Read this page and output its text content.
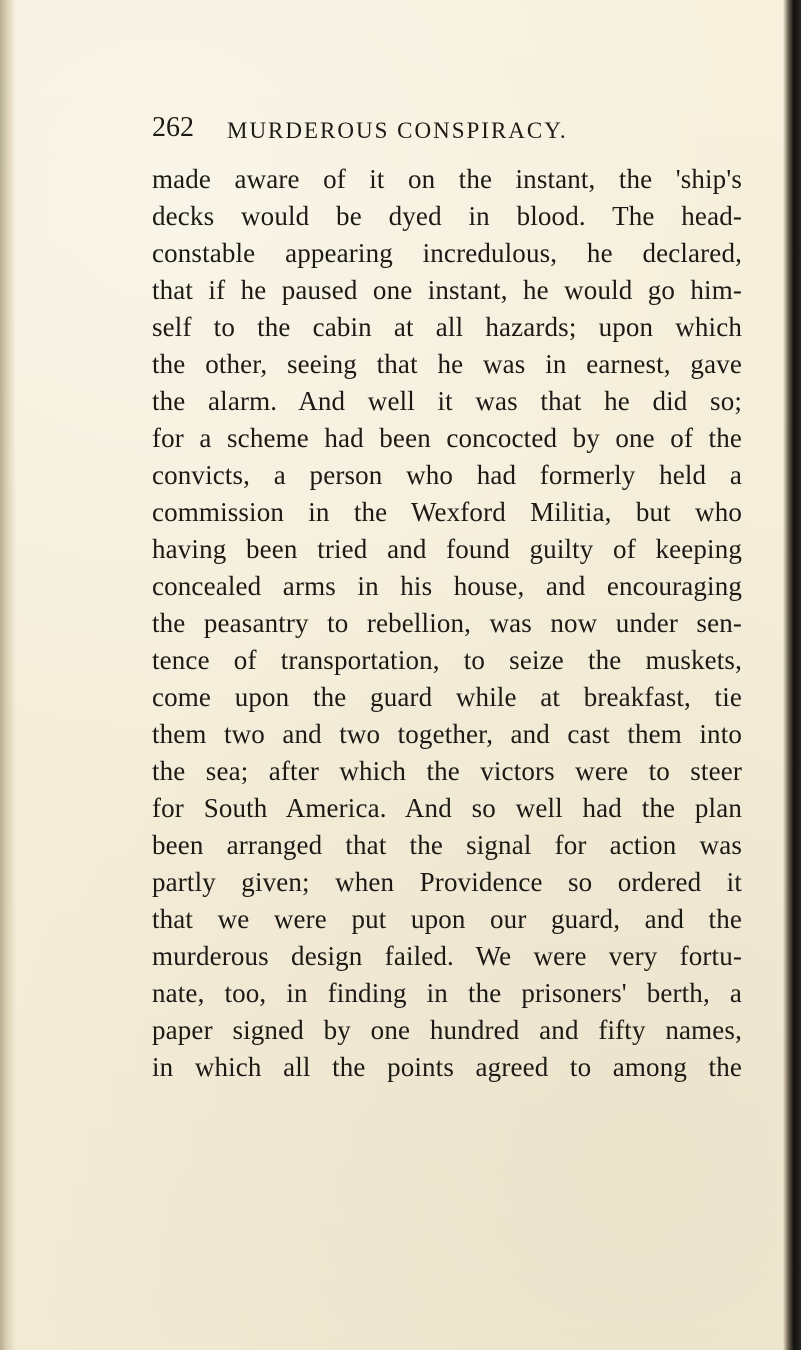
262 MURDEROUS CONSPIRACY.
made aware of it on the instant, the 'ship's
decks would be dyed in blood. The head-
constable appearing incredulous, he declared,
that if he paused one instant, he would go him-
self to the cabin at all hazards; upon which
the other, seeing that he was in earnest, gave
the alarm. And well it was that he did so;
for a scheme had been concocted by one of the
convicts, a person who had formerly held a
commission in the Wexford Militia, but who
having been tried and found guilty of keeping
concealed arms in his house, and encouraging
the peasantry to rebellion, was now under sen-
tence of transportation, to seize the muskets,
come upon the guard while at breakfast, tie
them two and two together, and cast them into
the sea; after which the victors were to steer
for South America. And so well had the plan
been arranged that the signal for action was
partly given; when Providence so ordered it
that we were put upon our guard, and the
murderous design failed. We were very fortu-
nate, too, in finding in the prisoners' berth, a
paper signed by one hundred and fifty names,
in which all the points agreed to among the
